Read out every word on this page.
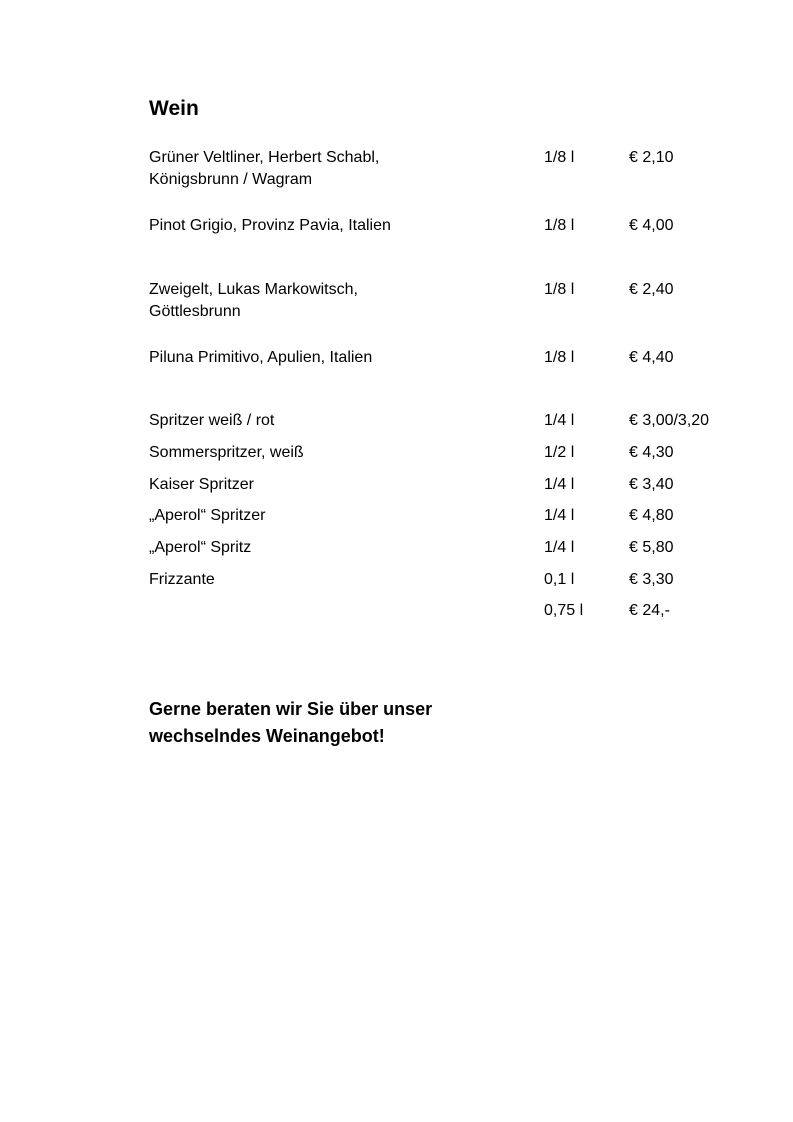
Wein
Grüner Veltliner, Herbert Schabl,
Königsbrunn / Wagram
1/8 l	€ 2,10
Pinot Grigio, Provinz Pavia, Italien	1/8 l	€ 4,00
Zweigelt, Lukas Markowitsch,
Göttlesbrunn
1/8 l	€ 2,40
Piluna Primitivo, Apulien, Italien	1/8 l	€ 4,40
Spritzer weiß / rot	1/4 l	€ 3,00/3,20
Sommerspritzer, weiß	1/2 l	€ 4,30
Kaiser Spritzer	1/4 l	€ 3,40
„Aperol“ Spritzer	1/4 l	€ 4,80
„Aperol“ Spritz	1/4 l	€ 5,80
Frizzante	0,1 l	€ 3,30
0,75 l	€ 24,-

Gerne beraten wir Sie über unser
wechselndes Weinangebot!
